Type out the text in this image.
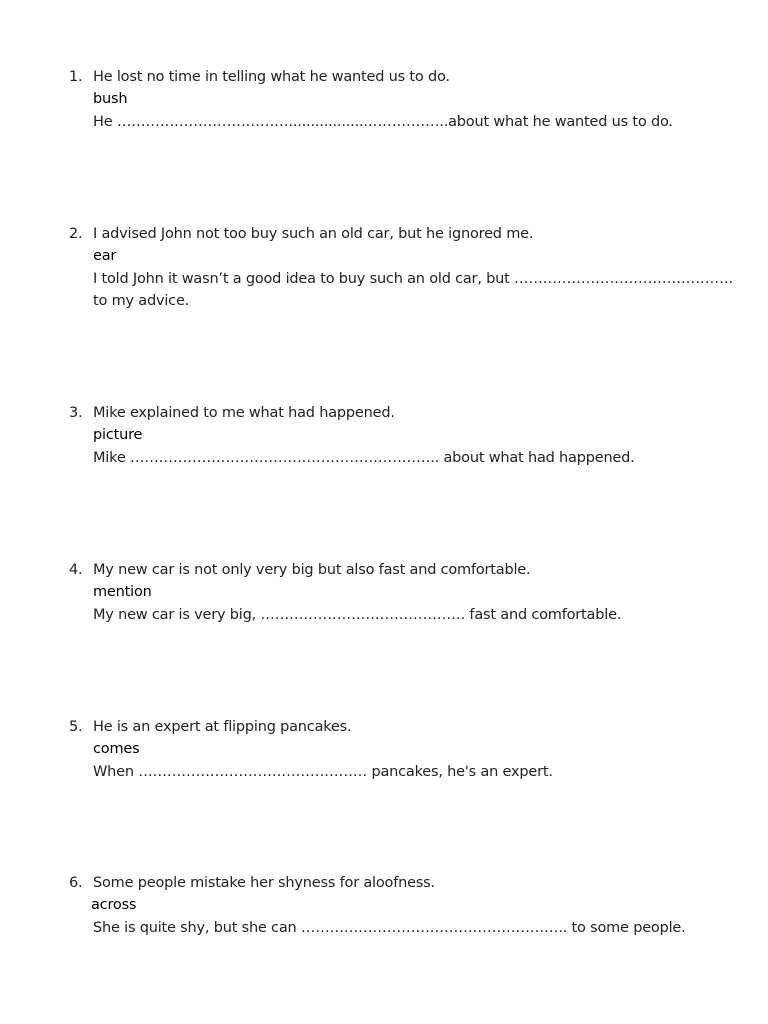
1. He lost no time in telling what he wanted us to do.
bush
He ………………………………..................……………..about what he wanted us to do.
2. I advised John not too buy such an old car, but he ignored me.
ear
I told John it wasn’t a good idea to buy such an old car, but ……………………………………….
to my advice.
3. Mike explained to me what had happened.
picture
Mike ……………………………………………………….. about what had happened.
4. My new car is not only very big but also fast and comfortable.
mention
My new car is very big, ……………………………………. fast and comfortable.
5. He is an expert at flipping pancakes.
comes
When ………………………………………… pancakes, he's an expert.
6. Some people mistake her shyness for aloofness.
across
She is quite shy, but she can ……………………………………………….. to some people.
